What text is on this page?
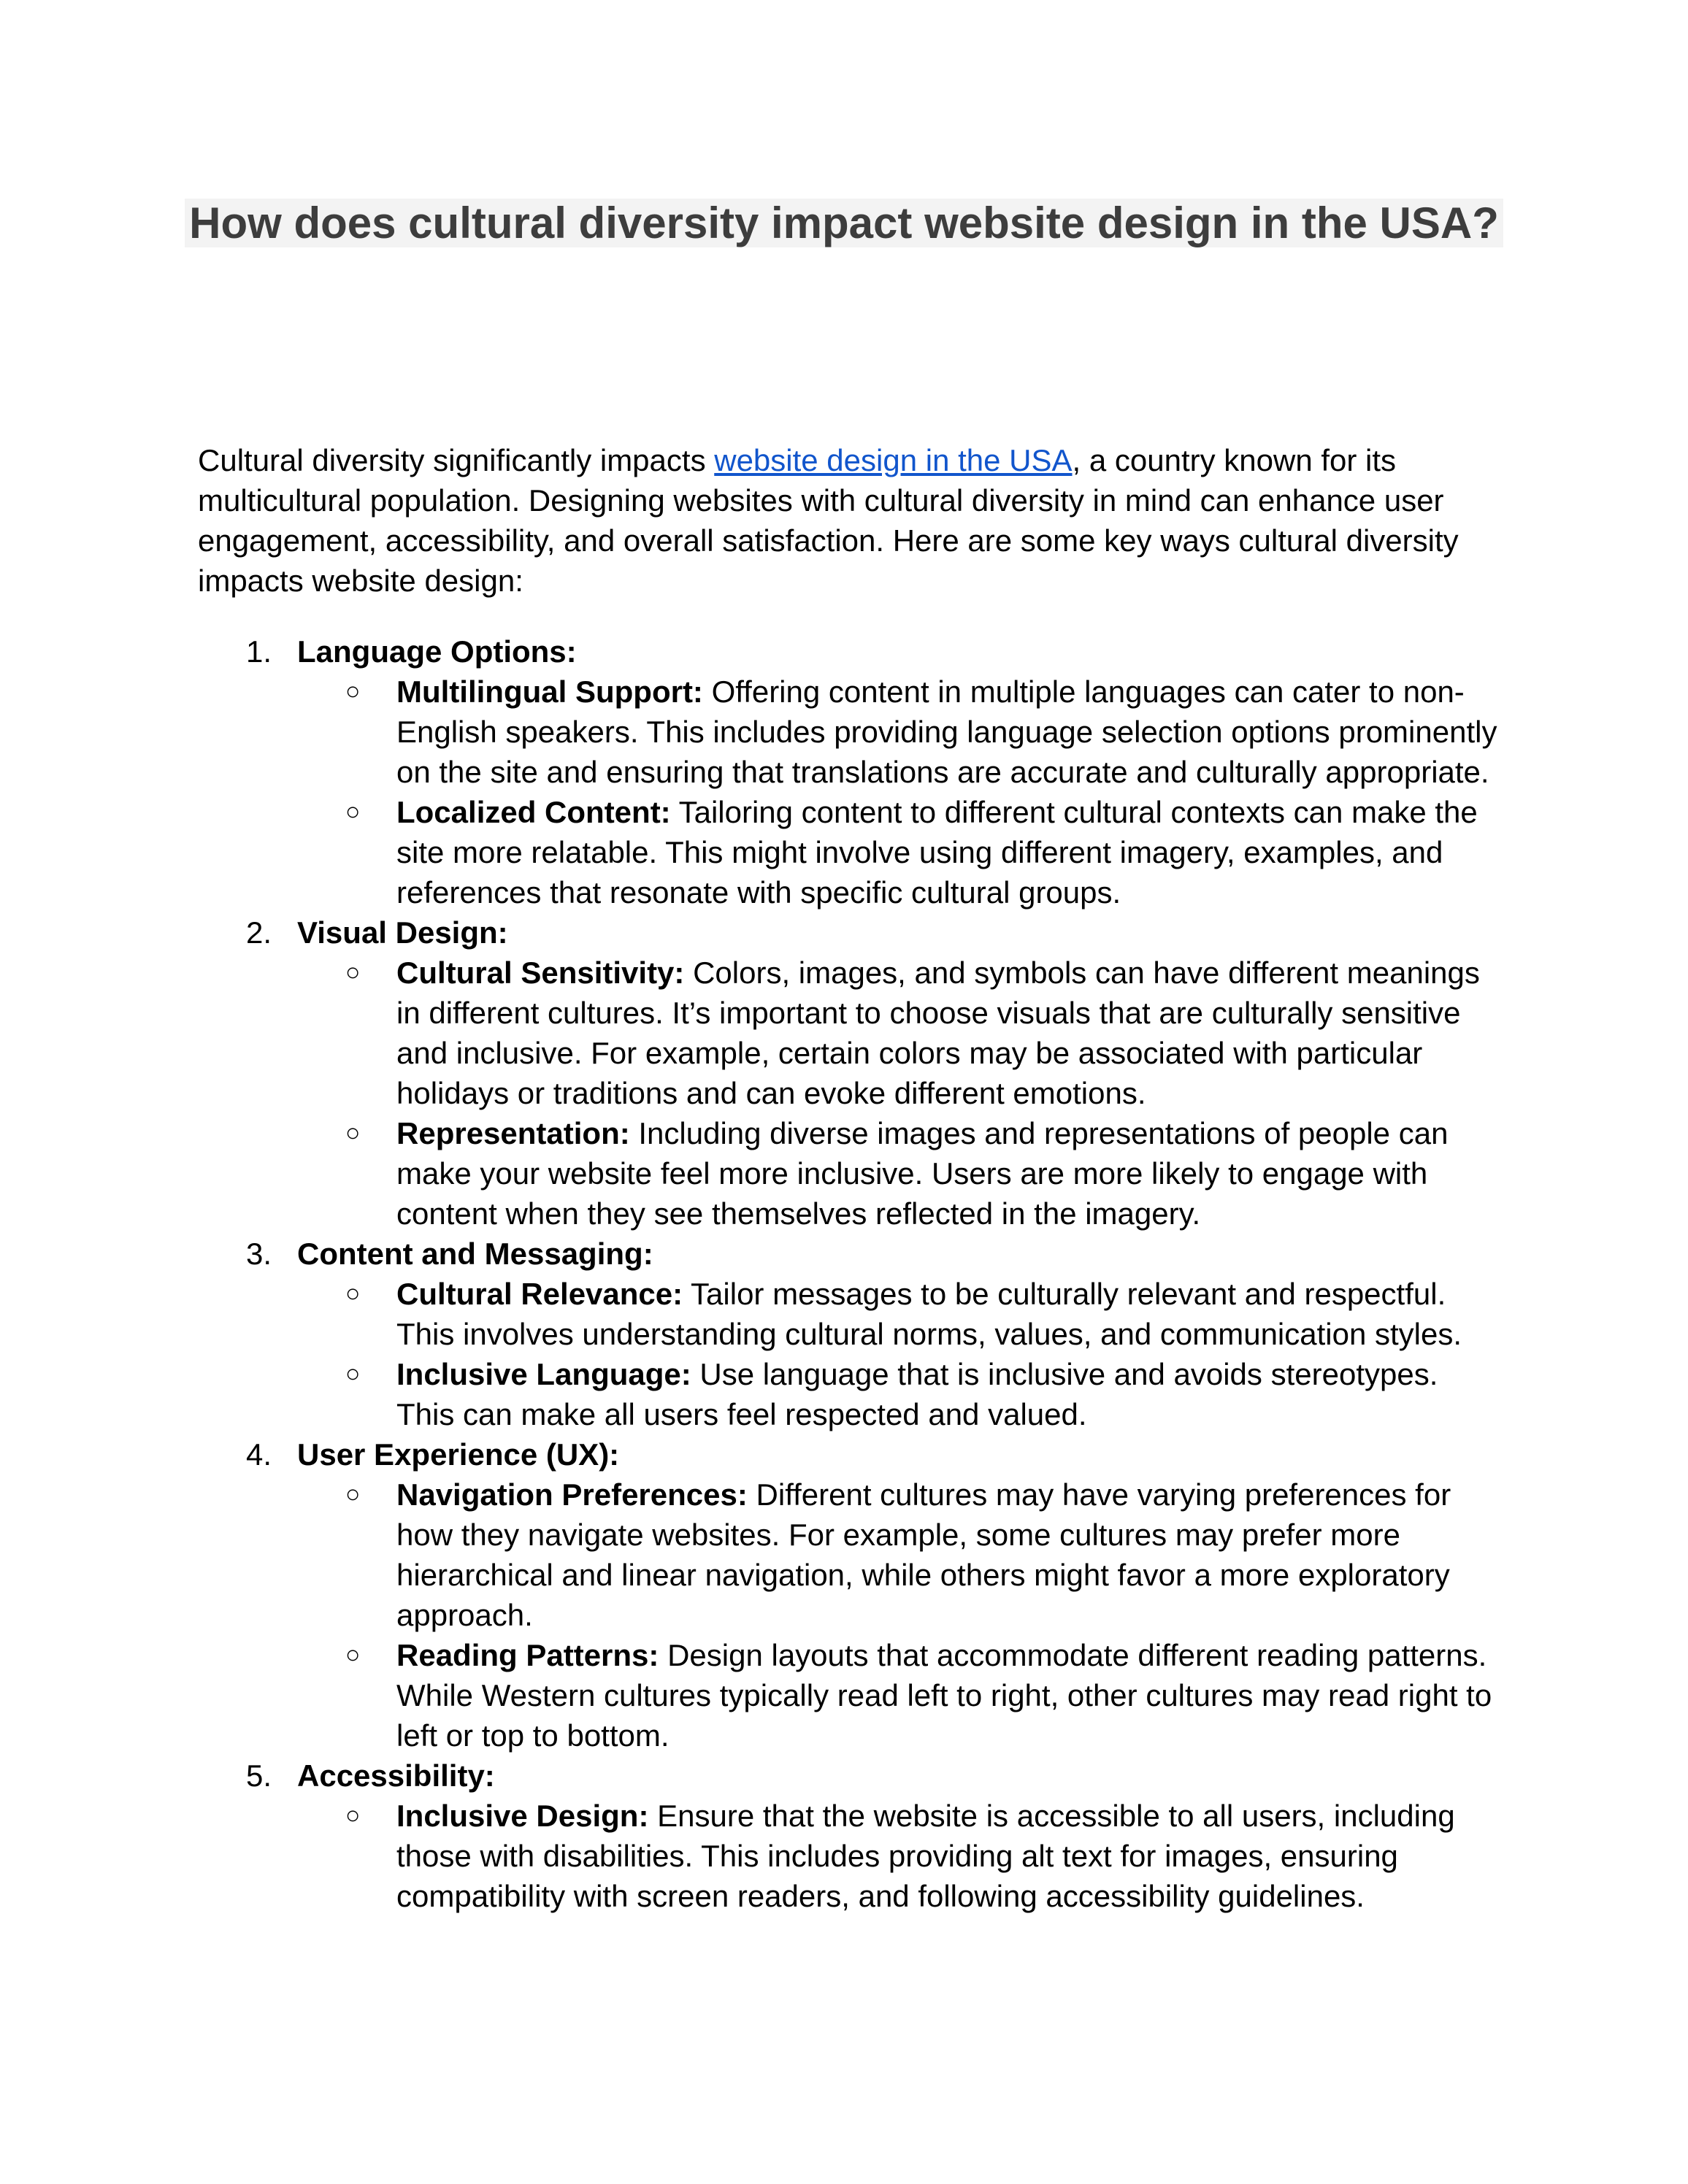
How does cultural diversity impact website design in the USA?

Cultural diversity significantly impacts website design in the USA, a country known for its multicultural population. Designing websites with cultural diversity in mind can enhance user engagement, accessibility, and overall satisfaction. Here are some key ways cultural diversity impacts website design:

1. Language Options:
○ Multilingual Support: Offering content in multiple languages can cater to non-English speakers. This includes providing language selection options prominently on the site and ensuring that translations are accurate and culturally appropriate.
○ Localized Content: Tailoring content to different cultural contexts can make the site more relatable. This might involve using different imagery, examples, and references that resonate with specific cultural groups.
2. Visual Design:
○ Cultural Sensitivity: Colors, images, and symbols can have different meanings in different cultures. It’s important to choose visuals that are culturally sensitive and inclusive. For example, certain colors may be associated with particular holidays or traditions and can evoke different emotions.
○ Representation: Including diverse images and representations of people can make your website feel more inclusive. Users are more likely to engage with content when they see themselves reflected in the imagery.
3. Content and Messaging:
○ Cultural Relevance: Tailor messages to be culturally relevant and respectful. This involves understanding cultural norms, values, and communication styles.
○ Inclusive Language: Use language that is inclusive and avoids stereotypes. This can make all users feel respected and valued.
4. User Experience (UX):
○ Navigation Preferences: Different cultures may have varying preferences for how they navigate websites. For example, some cultures may prefer more hierarchical and linear navigation, while others might favor a more exploratory approach.
○ Reading Patterns: Design layouts that accommodate different reading patterns. While Western cultures typically read left to right, other cultures may read right to left or top to bottom.
5. Accessibility:
○ Inclusive Design: Ensure that the website is accessible to all users, including those with disabilities. This includes providing alt text for images, ensuring compatibility with screen readers, and following accessibility guidelines.
